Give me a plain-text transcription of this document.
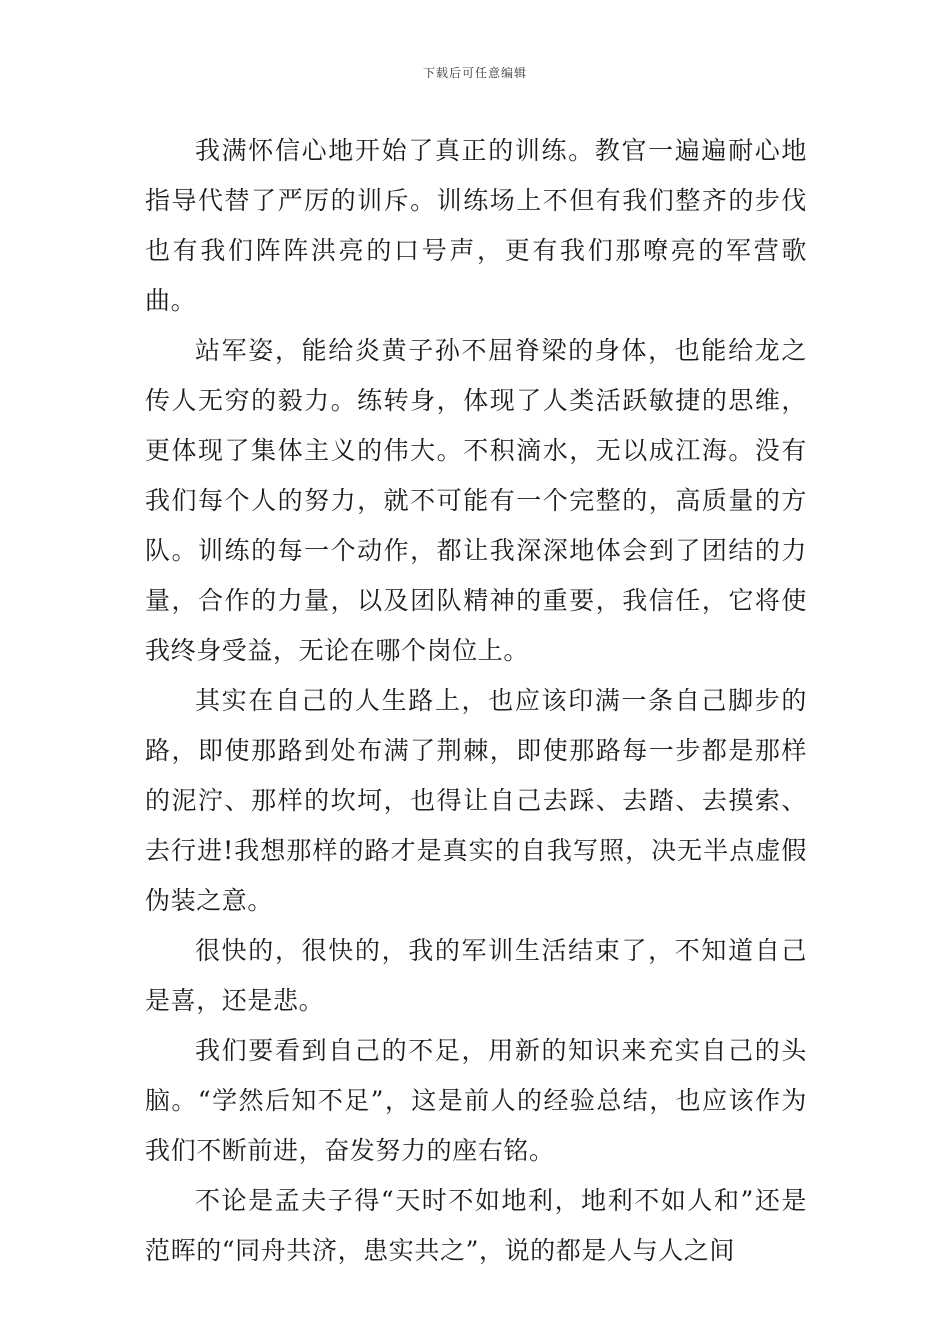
下载后可任意编辑

我满怀信心地开始了真正的训练。教官一遍遍耐心地指导代替了严厉的训斥。训练场上不但有我们整齐的步伐也有我们阵阵洪亮的口号声，更有我们那嘹亮的军营歌曲。

站军姿，能给炎黄子孙不屈脊梁的身体，也能给龙之传人无穷的毅力。练转身，体现了人类活跃敏捷的思维，更体现了集体主义的伟大。不积滴水，无以成江海。没有我们每个人的努力，就不可能有一个完整的，高质量的方队。训练的每一个动作，都让我深深地体会到了团结的力量，合作的力量，以及团队精神的重要，我信任，它将使我终身受益，无论在哪个岗位上。

其实在自己的人生路上，也应该印满一条自己脚步的路，即使那路到处布满了荆棘，即使那路每一步都是那样的泥泞、那样的坎坷，也得让自己去踩、去踏、去摸索、去行进!我想那样的路才是真实的自我写照，决无半点虚假伪装之意。

很快的，很快的，我的军训生活结束了，不知道自己是喜，还是悲。

我们要看到自己的不足，用新的知识来充实自己的头脑。“学然后知不足”，这是前人的经验总结，也应该作为我们不断前进，奋发努力的座右铭。

不论是孟夫子得“天时不如地利，地利不如人和”还是范晖的“同舟共济，患实共之”，说的都是人与人之间
